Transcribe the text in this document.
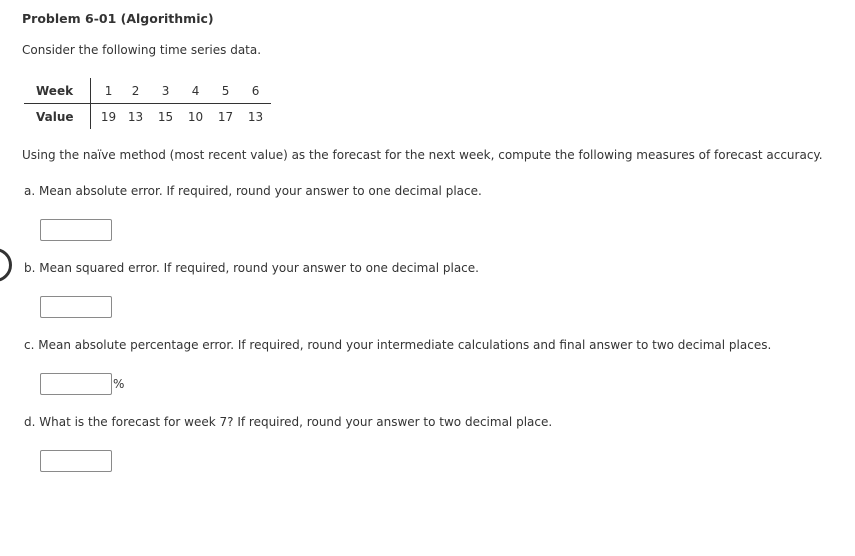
Problem 6-01 (Algorithmic)
Consider the following time series data.
Week	1	2	3	4	5	6
Value	19	13	15	10	17	13
Using the naïve method (most recent value) as the forecast for the next week, compute the following measures of forecast accuracy.
a. Mean absolute error. If required, round your answer to one decimal place.
b. Mean squared error. If required, round your answer to one decimal place.
c. Mean absolute percentage error. If required, round your intermediate calculations and final answer to two decimal places.
%
d. What is the forecast for week 7? If required, round your answer to two decimal place.
